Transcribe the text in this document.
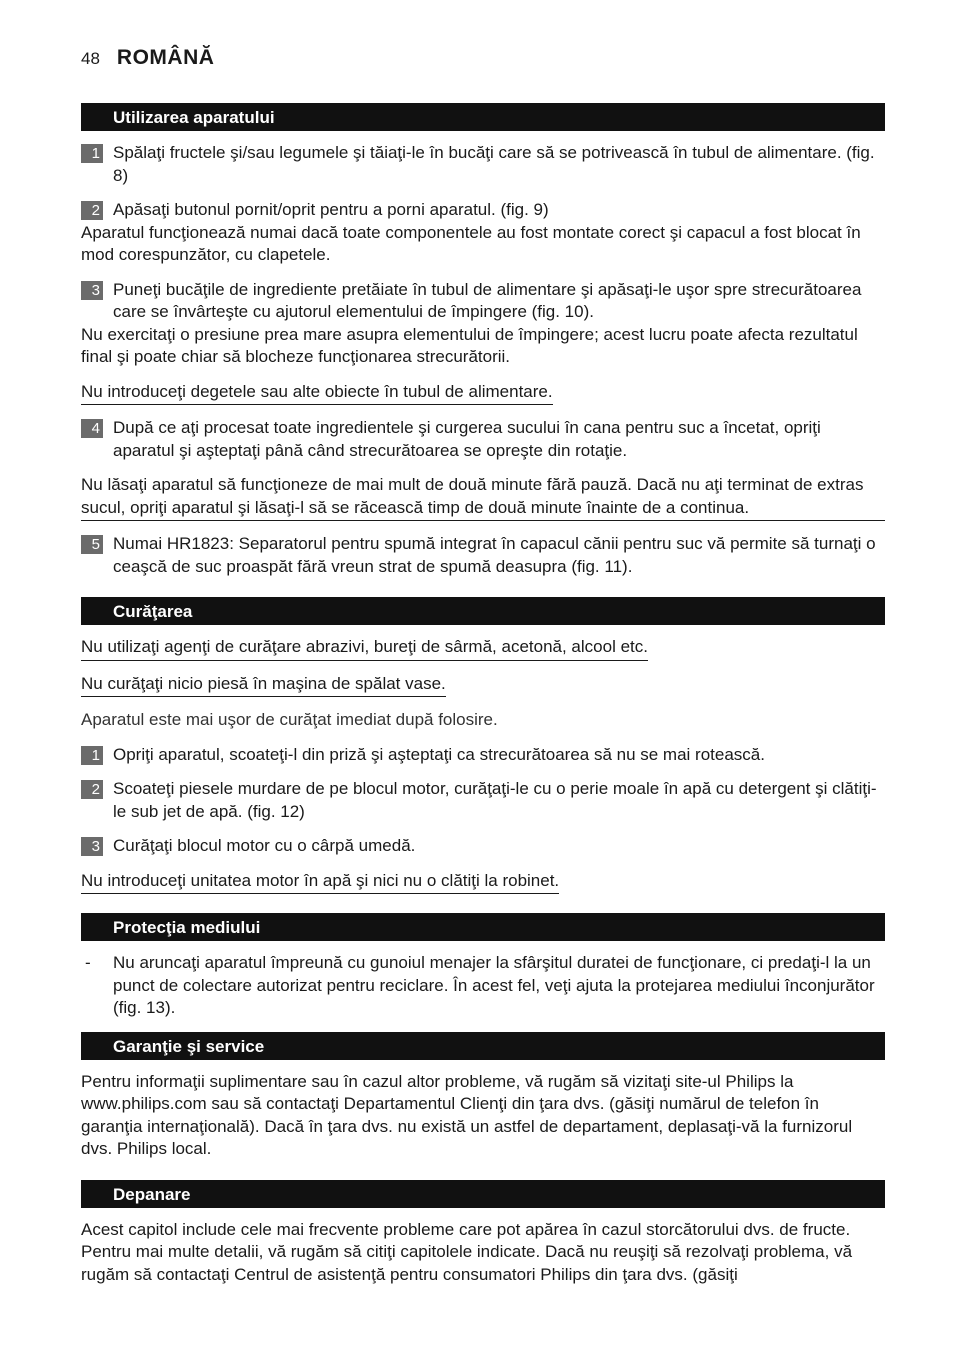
48 ROMÂNĂ
Utilizarea aparatului
1 Spălaţi fructele şi/sau legumele şi tăiaţi-le în bucăţi care să se potrivească în tubul de alimentare. (fig. 8)
2 Apăsaţi butonul pornit/oprit pentru a porni aparatul. (fig. 9)

Aparatul funcţionează numai dacă toate componentele au fost montate corect şi capacul a fost blocat în mod corespunzător, cu clapetele.

3 Puneţi bucăţile de ingrediente pretăiate în tubul de alimentare şi apăsaţi-le uşor spre strecurătoarea care se învârteşte cu ajutorul elementului de împingere (fig. 10).

Nu exercitaţi o presiune prea mare asupra elementului de împingere; acest lucru poate afecta rezultatul final şi poate chiar să blocheze funcţionarea strecurătorii.

Nu introduceţi degetele sau alte obiecte în tubul de alimentare.
4 După ce aţi procesat toate ingredientele şi curgerea sucului în cana pentru suc a încetat, opriţi aparatul şi aşteptaţi până când strecurătoarea se opreşte din rotaţie.
Nu lăsaţi aparatul să funcţioneze de mai mult de două minute fără pauză. Dacă nu aţi terminat de extras sucul, opriţi aparatul şi lăsaţi-l să se răcească timp de două minute înainte de a continua.
5 Numai HR1823: Separatorul pentru spumă integrat în capacul cănii pentru suc vă permite să turnaţi o ceaşcă de suc proaspăt fără vreun strat de spumă deasupra (fig. 11).
Curăţarea
Nu utilizaţi agenţi de curăţare abrazivi, bureţi de sârmă, acetonă, alcool etc.
Nu curăţaţi nicio piesă în maşina de spălat vase.

Aparatul este mai uşor de curăţat imediat după folosire.

1 Opriţi aparatul, scoateţi-l din priză şi aşteptaţi ca strecurătoarea să nu se mai rotească.
2 Scoateţi piesele murdare de pe blocul motor, curăţaţi-le cu o perie moale în apă cu detergent şi clătiţi-le sub jet de apă. (fig. 12)
3 Curăţaţi blocul motor cu o cârpă umedă.
Nu introduceţi unitatea motor în apă şi nici nu o clătiţi la robinet.
Protecţia mediului
- Nu aruncaţi aparatul împreună cu gunoiul menajer la sfârşitul duratei de funcţionare, ci predaţi-l la un punct de colectare autorizat pentru reciclare. În acest fel, veţi ajuta la protejarea mediului înconjurător (fig. 13).
Garanţie şi service

Pentru informaţii suplimentare sau în cazul altor probleme, vă rugăm să vizitaţi site-ul Philips la www.philips.com sau să contactaţi Departamentul Clienţi din ţara dvs. (găsiţi numărul de telefon în garanţia internaţională). Dacă în ţara dvs. nu există un astfel de departament, deplasaţi-vă la furnizorul dvs. Philips local.

Depanare

Acest capitol include cele mai frecvente probleme care pot apărea în cazul storcătorului dvs. de fructe. Pentru mai multe detalii, vă rugăm să citiţi capitolele indicate. Dacă nu reuşiţi să rezolvaţi problema, vă rugăm să contactaţi Centrul de asistenţă pentru consumatori Philips din ţara dvs. (găsiţi
